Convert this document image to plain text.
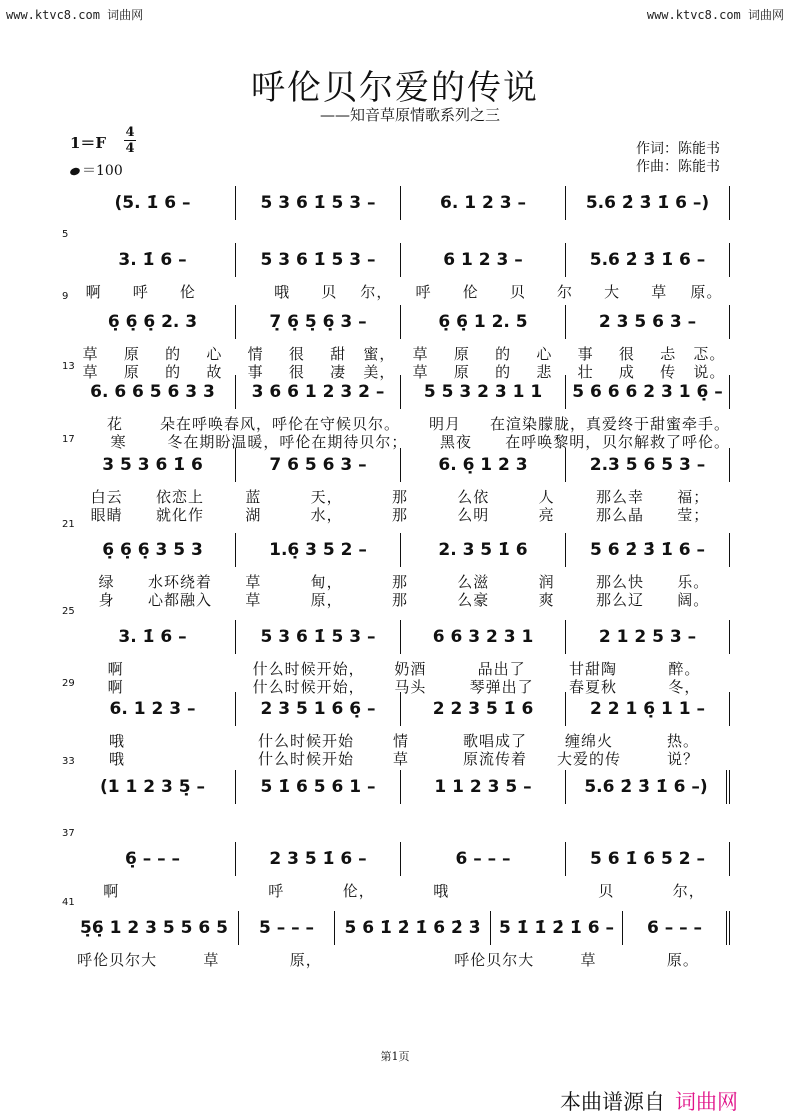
www.ktvc8.com 词曲网	www.ktvc8.com 词曲网
呼伦贝尔爱的传说
——知音草原情歌系列之三
1＝F
4
4
＝100
作词：陈能书
作曲：陈能书
(5. 1̇ 6 –	5 3 6 1̇ 5 3 –	6. 1 2 3 –	5.6 2̇ 3̇ 1̇ 6 –)
5
3. 1̇ 6 –	5 3 6 1̇ 5 3 –	6 1 2 3 –	5.6 2̇ 3̇ 1̇ 6 –
啊	呼	伦	哦	贝	尔，	呼	伦	贝	尔	大	草	原。
9
6̣ 6̣ 6̣ 2. 3	7̣ 6̣ 5̣ 6̣ 3 –	6̣ 6̣ 1 2. 5	2 3 5 6 3 –
草	原	的	心	情	很	甜	蜜，	草	原	的	心	事	很	忐	忑。
草	原	的	故	事	很	凄	美，	草	原	的	悲	壮	成	传	说。
13
6. 6 6 5 6 3 3	3 6 6 1 2 3 2 –	5 5 3 2 3 1 1	5 6 6 6 2 3 1 6̣ –
花	朵在呼唤春风， 呼伦在守候贝尔。	明月	在渲染朦胧， 真爱终于甜蜜牵手。
寒	冬在期盼温暖， 呼伦在期待贝尔；	黑夜	在呼唤黎明， 贝尔解救了呼伦。
17
3 5 3 6 1̇ 6	7 6 5 6 3 –	6. 6̣ 1 2 3	2.3 5 6 5 3 –
白云	依恋上	蓝	天，	那	么依	人	那么幸	福；
眼睛	就化作	湖	水，	那	么明	亮	那么晶	莹；
21
6̣ 6̣ 6̣ 3 5 3	1.6̣ 3 5 2 –	2. 3 5 1̇ 6	5 6 2̇ 3̇ 1̇ 6 –
绿	水环绕着	草	甸，	那	么滋	润	那么快	乐。
身	心都融入	草	原，	那	么豪	爽	那么辽	阔。
25
3. 1̇ 6 –	5 3 6 1̇ 5 3 –	6 6 3 2 3 1	2 1 2 5 3 –
啊	什么时候开始，	奶酒	品出了	甘甜陶	醉。
啊	什么时候开始，	马头	琴弹出了	春夏秋	冬，
29
6. 1 2 3 –	2 3 5 1 6 6̣ –	2 2 3 5 1̇ 6	2 2 1 6̣ 1 1 –
哦	什么时候开始	情	歌唱成了	缠绵火	热。
哦	什么时候开始	草	原流传着	大爱的传	说？
33
(1 1 2 3 5̣ –	5 1̇ 6 5 6 1 –	1 1 2 3 5 –	5.6 2̇ 3̇ 1̇ 6 –)
37
6̣ – – –	2 3 5 1̇ 6 –	6 – – –	5 6 1̇ 6 5 2 –
啊	呼	伦，	哦	贝	尔，
41
5̣6̣ 1 2 3 5 5 6 5	5 – – –	5 6 1̇ 2̇ 1̇ 6 2̇ 3̇	5 1̇ 1̇ 2̇ 1̇ 6 –	6 – – –
呼伦贝尔大	草	原，	呼伦贝尔大	草	原。
第1页
本曲谱源自 词曲网
